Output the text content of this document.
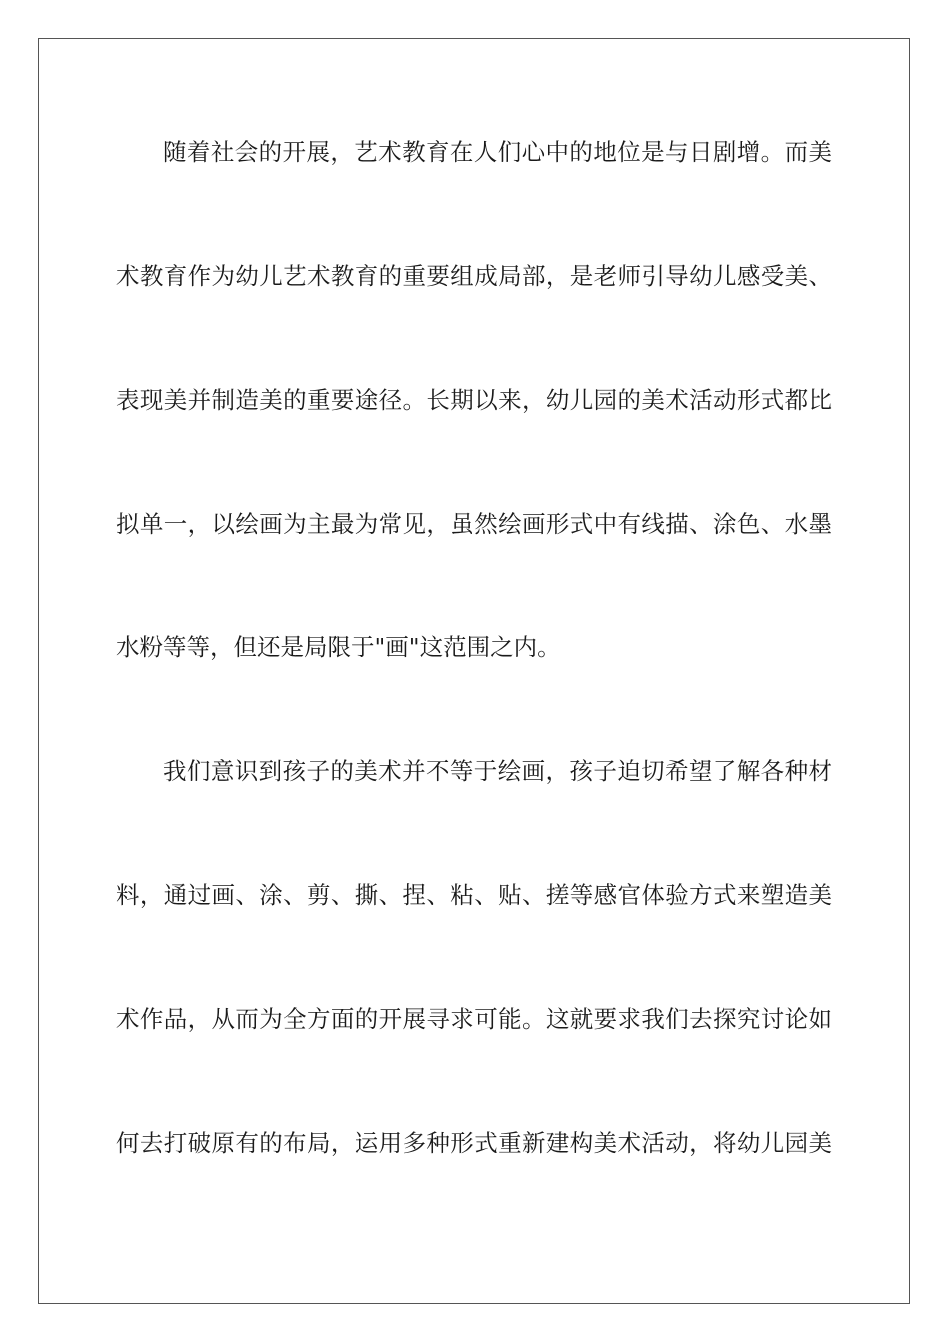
随着社会的开展，艺术教育在人们心中的地位是与日剧增。而美
术教育作为幼儿艺术教育的重要组成局部，是老师引导幼儿感受美、
表现美并制造美的重要途径。长期以来，幼儿园的美术活动形式都比
拟单一，以绘画为主最为常见，虽然绘画形式中有线描、涂色、水墨
水粉等等，但还是局限于"画"这范围之内。
我们意识到孩子的美术并不等于绘画，孩子迫切希望了解各种材
料，通过画、涂、剪、撕、捏、粘、贴、搓等感官体验方式来塑造美
术作品，从而为全方面的开展寻求可能。这就要求我们去探究讨论如
何去打破原有的布局，运用多种形式重新建构美术活动，将幼儿园美
